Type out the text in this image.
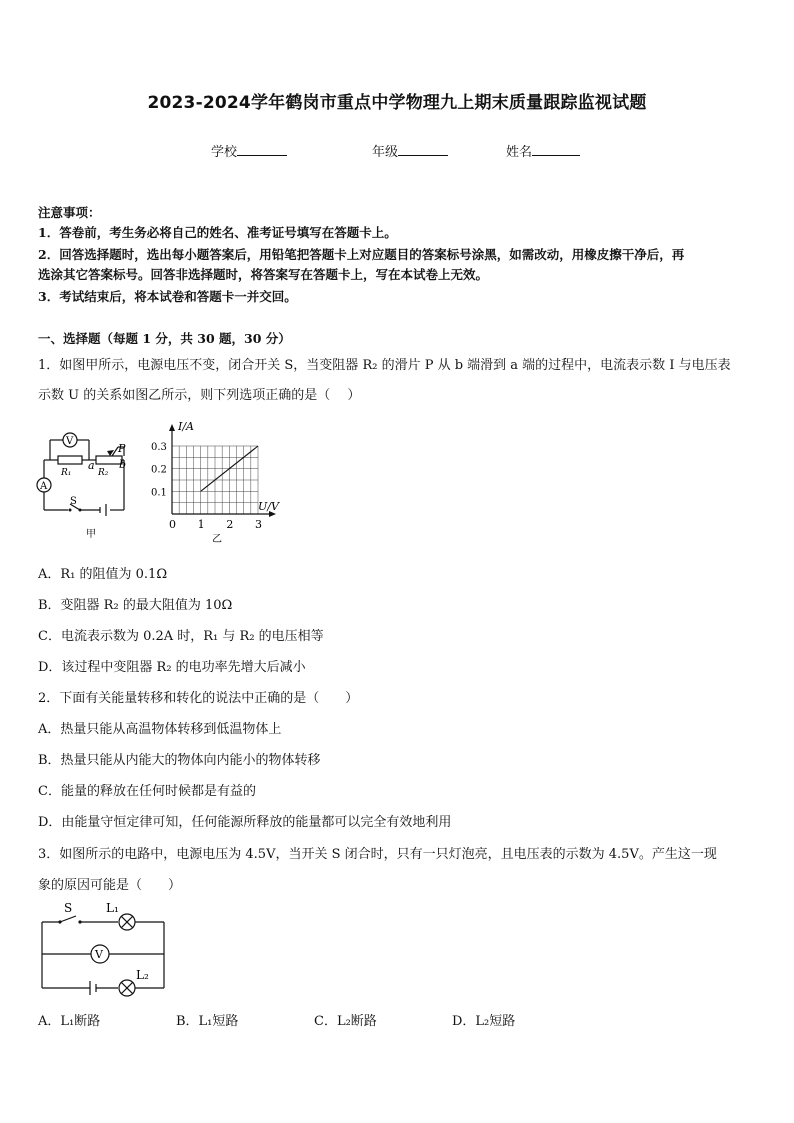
2023-2024学年鹤岗市重点中学物理九上期末质量跟踪监视试题
学校	年级	姓名
注意事项：
1．答卷前，考生务必将自己的姓名、准考证号填写在答题卡上。
2．回答选择题时，选出每小题答案后，用铅笔把答题卡上对应题目的答案标号涂黑，如需改动，用橡皮擦干净后，再
选涂其它答案标号。回答非选择题时，将答案写在答题卡上，写在本试卷上无效。
3．考试结束后，将本试卷和答题卡一并交回。
一、选择题（每题 1 分，共 30 题，30 分）
1．如图甲所示，电源电压不变，闭合开关 S，当变阻器 R₂ 的滑片 P 从 b 端滑到 a 端的过程中，电流表示数 I 与电压表
示数 U 的关系如图乙所示，则下列选项正确的是（　 ）
V
A
S
P
R₁	R₂
a b
甲
0 1 2 3
0.1
0.2
0.3
I/A
U/V
乙
A．R₁ 的阻值为 0.1Ω
B．变阻器 R₂ 的最大阻值为 10Ω
C．电流表示数为 0.2A 时，R₁ 与 R₂ 的电压相等
D．该过程中变阻器 R₂ 的电功率先增大后减小
2．下面有关能量转移和转化的说法中正确的是（　　）
A．热量只能从高温物体转移到低温物体上
B．热量只能从内能大的物体向内能小的物体转移
C．能量的释放在任何时候都是有益的
D．由能量守恒定律可知，任何能源所释放的能量都可以完全有效地利用
3．如图所示的电路中，电源电压为 4.5V，当开关 S 闭合时，只有一只灯泡亮，且电压表的示数为 4.5V。产生这一现
象的原因可能是（　　）
S	L₁
V
L₂
A．L₁断路	B．L₁短路	C．L₂断路	D．L₂短路
